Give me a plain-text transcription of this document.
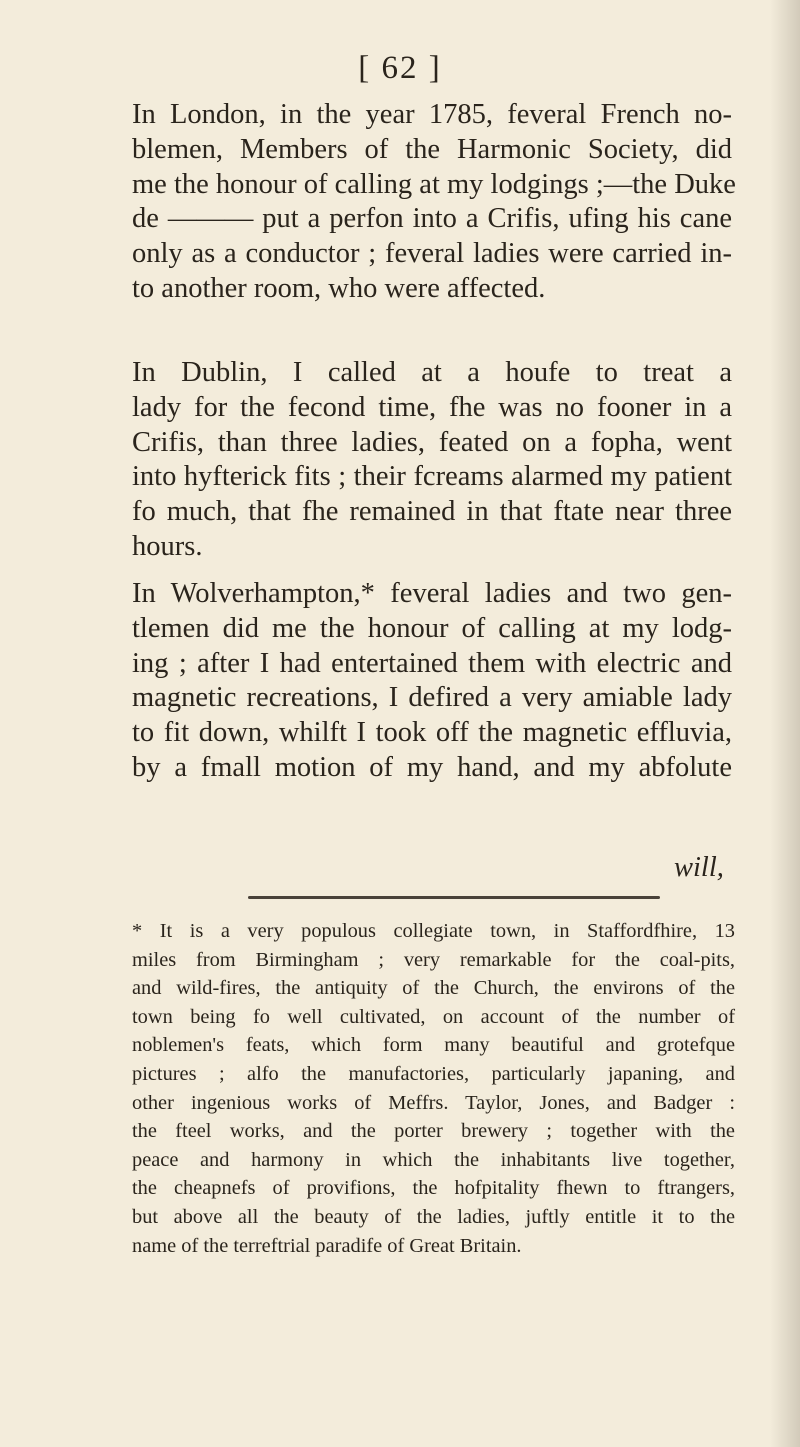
[ 62 ]
In London, in the year 1785, feveral French no-
blemen, Members of the Harmonic Society, did
me the honour of calling at my lodgings ;—the Duke
de ——— put a perfon into a Crifis, ufing his cane
only as a conductor ; feveral ladies were carried in-
to another room, who were affected.
In Dublin, I called at a houfe to treat a
lady for the fecond time, fhe was no fooner in a
Crifis, than three ladies, feated on a fopha, went
into hyfterick fits ; their fcreams alarmed my patient
fo much, that fhe remained in that ftate near three
hours.
In Wolverhampton,* feveral ladies and two gen-
tlemen did me the honour of calling at my lodg-
ing ; after I had entertained them with electric and
magnetic recreations, I defired a very amiable lady
to fit down, whilft I took off the magnetic effluvia,
by a fmall motion of my hand, and my abfolute
will,
* It is a very populous collegiate town, in Staffordfhire, 13
miles from Birmingham ; very remarkable for the coal-pits,
and wild-fires, the antiquity of the Church, the environs of the
town being fo well cultivated, on account of the number of
noblemen's feats, which form many beautiful and grotefque
pictures ; alfo the manufactories, particularly japaning, and
other ingenious works of Meffrs. Taylor, Jones, and Badger :
the fteel works, and the porter brewery ; together with the
peace and harmony in which the inhabitants live together,
the cheapnefs of provifions, the hofpitality fhewn to ftrangers,
but above all the beauty of the ladies, juftly entitle it to the
name of the terreftrial paradife of Great Britain.
